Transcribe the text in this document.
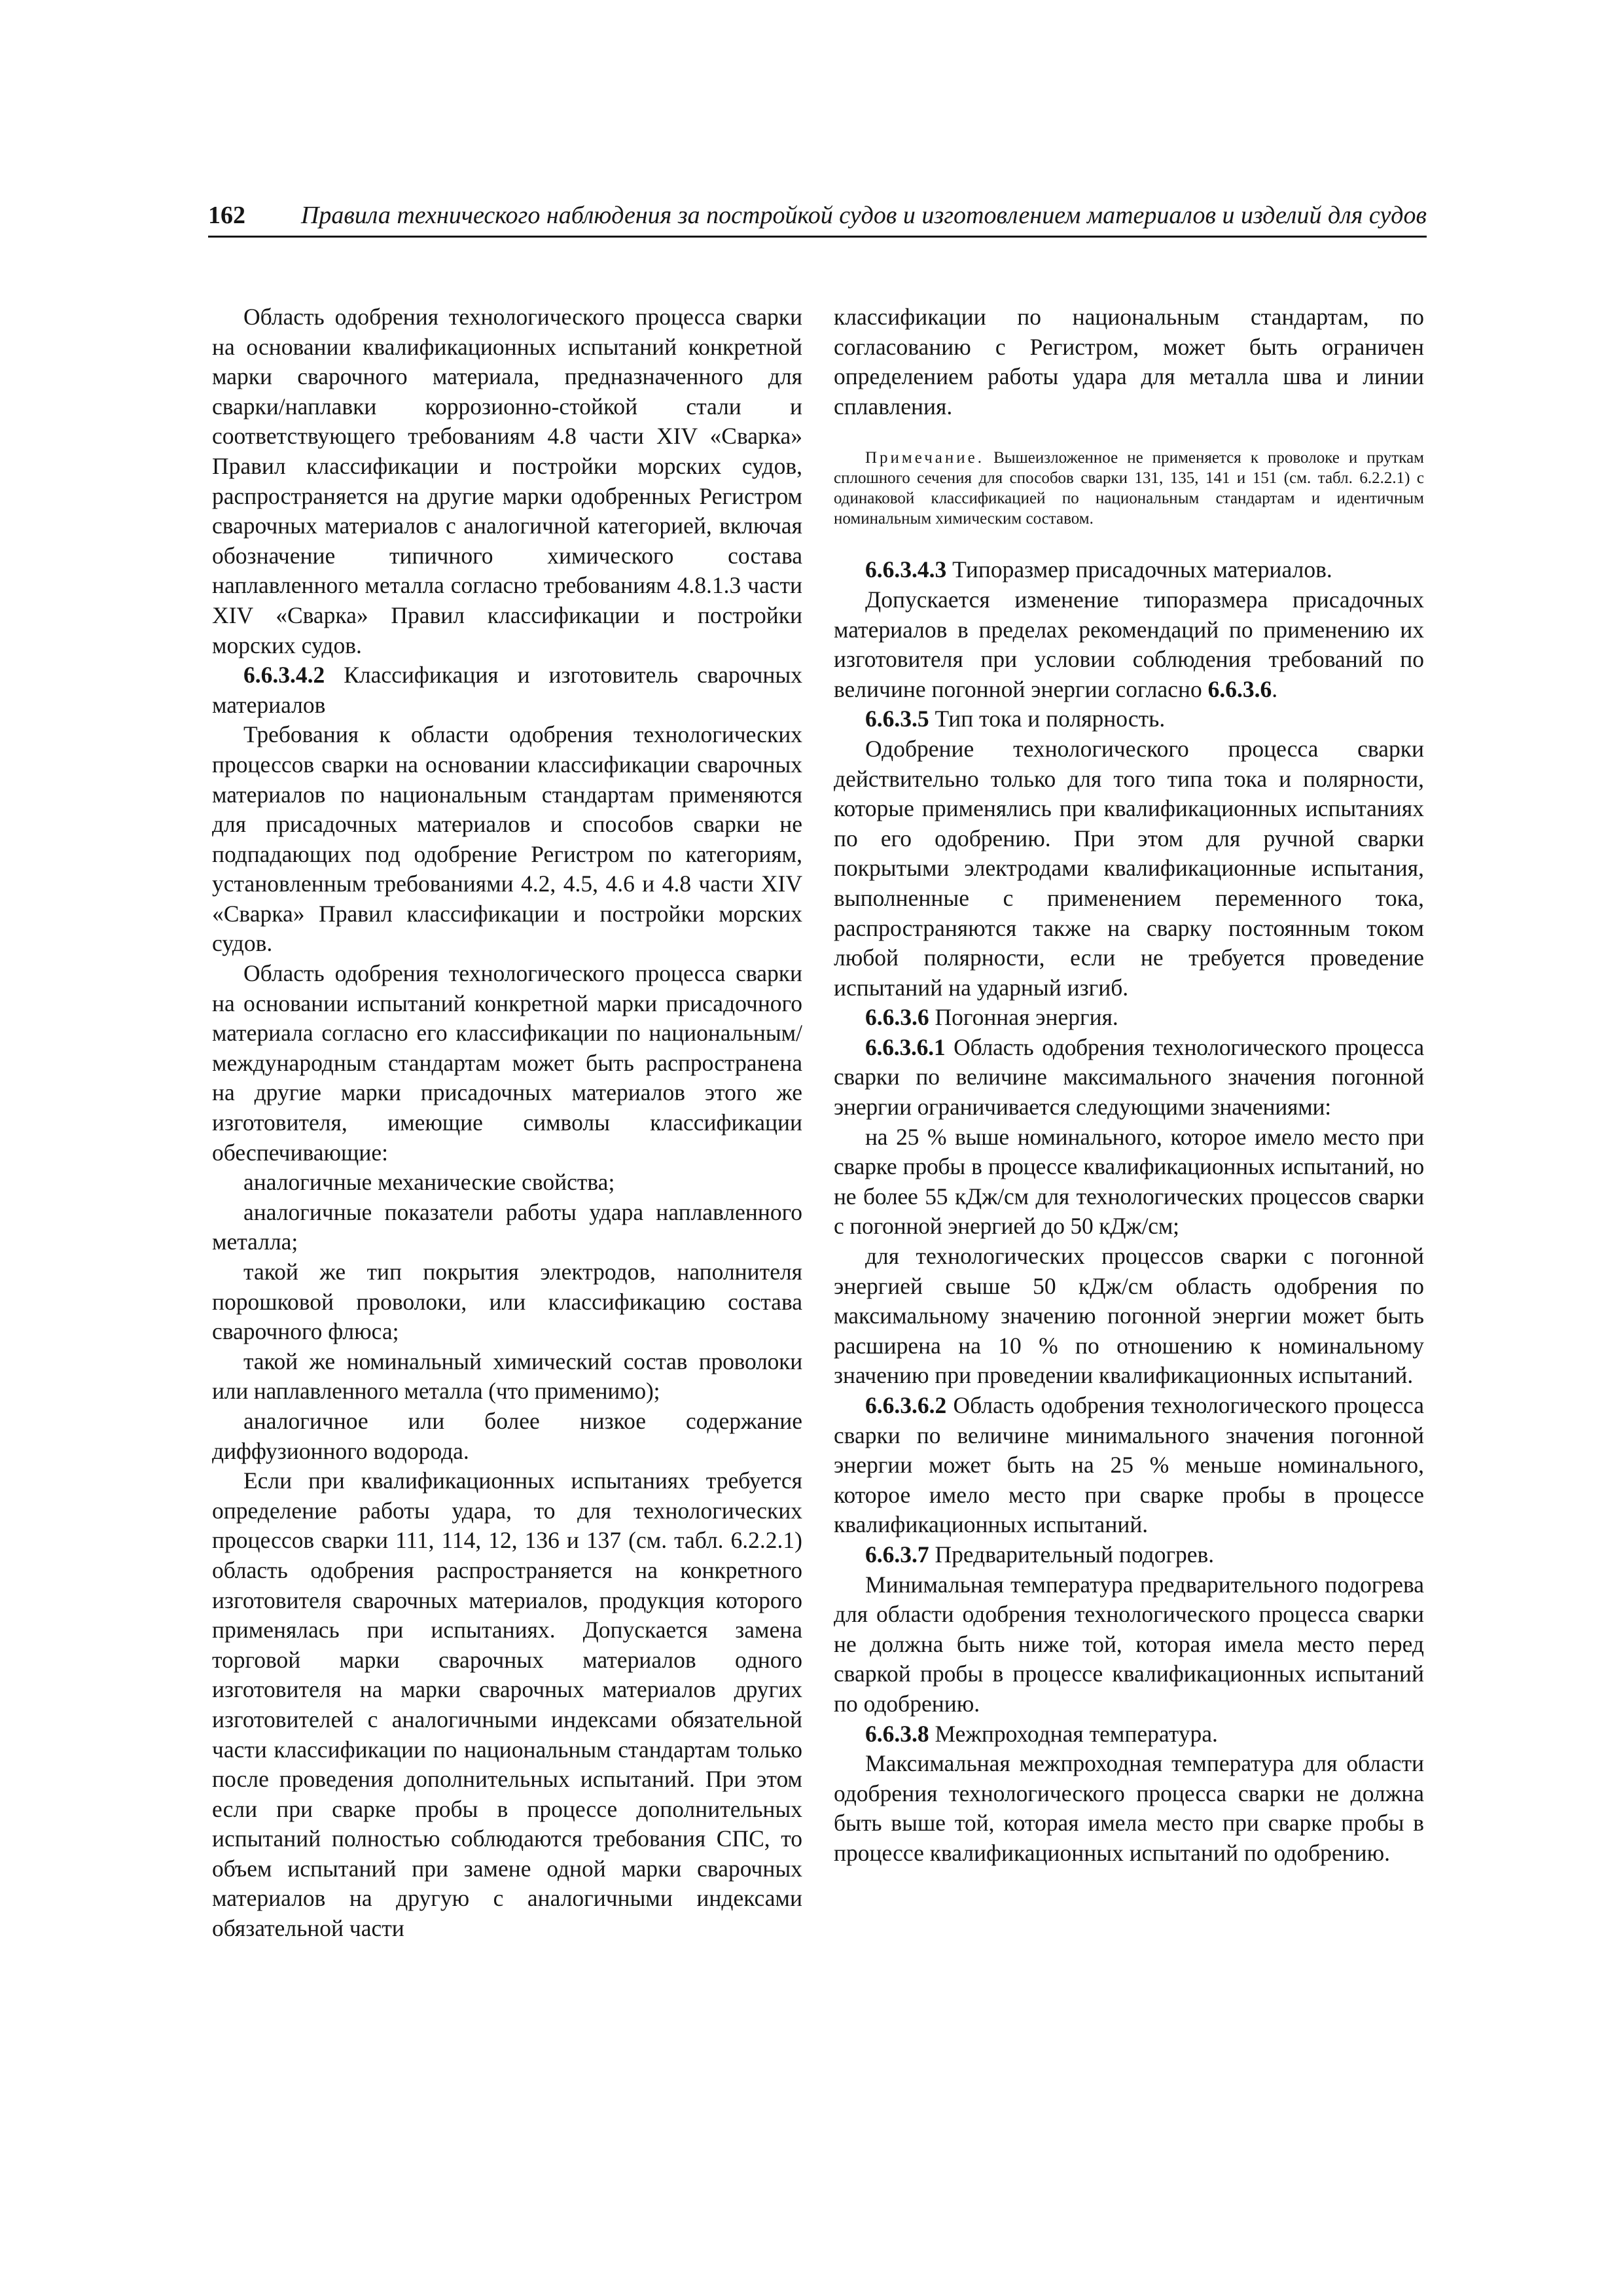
162 Правила технического наблюдения за постройкой судов и изготовлением материалов и изделий для судов

Область одобрения технологического процесса сварки на основании квалификационных испытаний конкретной марки сварочного материала, предназначенного для сварки/наплавки коррозионно-стойкой стали и соответствующего требованиям 4.8 части XIV «Сварка» Правил классификации и постройки морских судов, распространяется на другие марки одобренных Регистром сварочных материалов с аналогичной категорией, включая обозначение типичного химического состава наплавленного металла согласно требованиям 4.8.1.3 части XIV «Сварка» Правил классификации и постройки морских судов.

6.6.3.4.2 Классификация и изготовитель сварочных материалов

Требования к области одобрения технологических процессов сварки на основании классификации сварочных материалов по национальным стандартам применяются для присадочных материалов и способов сварки не подпадающих под одобрение Регистром по категориям, установленным требованиями 4.2, 4.5, 4.6 и 4.8 части XIV «Сварка» Правил классификации и постройки морских судов.

Область одобрения технологического процесса сварки на основании испытаний конкретной марки присадочного материала согласно его классификации по национальным/международным стандартам может быть распространена на другие марки присадочных материалов этого же изготовителя, имеющие символы классификации обеспечивающие:

аналогичные механические свойства;

аналогичные показатели работы удара наплавленного металла;

такой же тип покрытия электродов, наполнителя порошковой проволоки, или классификацию состава сварочного флюса;

такой же номинальный химический состав проволоки или наплавленного металла (что применимо);

аналогичное или более низкое содержание диффузионного водорода.

Если при квалификационных испытаниях требуется определение работы удара, то для технологических процессов сварки 111, 114, 12, 136 и 137 (см. табл. 6.2.2.1) область одобрения распространяется на конкретного изготовителя сварочных материалов, продукция которого применялась при испытаниях. Допускается замена торговой марки сварочных материалов одного изготовителя на марки сварочных материалов других изготовителей с аналогичными индексами обязательной части классификации по национальным стандартам только после проведения дополнительных испытаний. При этом если при сварке пробы в процессе дополнительных испытаний полностью соблюдаются требования СПС, то объем испытаний при замене одной марки сварочных материалов на другую с аналогичными индексами обязательной части

классификации по национальным стандартам, по согласованию с Регистром, может быть ограничен определением работы удара для металла шва и линии сплавления.

Примечание. Вышеизложенное не применяется к проволоке и пруткам сплошного сечения для способов сварки 131, 135, 141 и 151 (см. табл. 6.2.2.1) с одинаковой классификацией по национальным стандартам и идентичным номинальным химическим составом.

6.6.3.4.3 Типоразмер присадочных материалов.

Допускается изменение типоразмера присадочных материалов в пределах рекомендаций по применению их изготовителя при условии соблюдения требований по величине погонной энергии согласно 6.6.3.6.

6.6.3.5 Тип тока и полярность.

Одобрение технологического процесса сварки действительно только для того типа тока и полярности, которые применялись при квалификационных испытаниях по его одобрению. При этом для ручной сварки покрытыми электродами квалификационные испытания, выполненные с применением переменного тока, распространяются также на сварку постоянным током любой полярности, если не требуется проведение испытаний на ударный изгиб.

6.6.3.6 Погонная энергия.

6.6.3.6.1 Область одобрения технологического процесса сварки по величине максимального значения погонной энергии ограничивается следующими значениями:

на 25 % выше номинального, которое имело место при сварке пробы в процессе квалификационных испытаний, но не более 55 кДж/см для технологических процессов сварки с погонной энергией до 50 кДж/см;

для технологических процессов сварки с погонной энергией свыше 50 кДж/см область одобрения по максимальному значению погонной энергии может быть расширена на 10 % по отношению к номинальному значению при проведении квалификационных испытаний.

6.6.3.6.2 Область одобрения технологического процесса сварки по величине минимального значения погонной энергии может быть на 25 % меньше номинального, которое имело место при сварке пробы в процессе квалификационных испытаний.

6.6.3.7 Предварительный подогрев.

Минимальная температура предварительного подогрева для области одобрения технологического процесса сварки не должна быть ниже той, которая имела место перед сваркой пробы в процессе квалификационных испытаний по одобрению.

6.6.3.8 Межпроходная температура.

Максимальная межпроходная температура для области одобрения технологического процесса сварки не должна быть выше той, которая имела место при сварке пробы в процессе квалификационных испытаний по одобрению.
